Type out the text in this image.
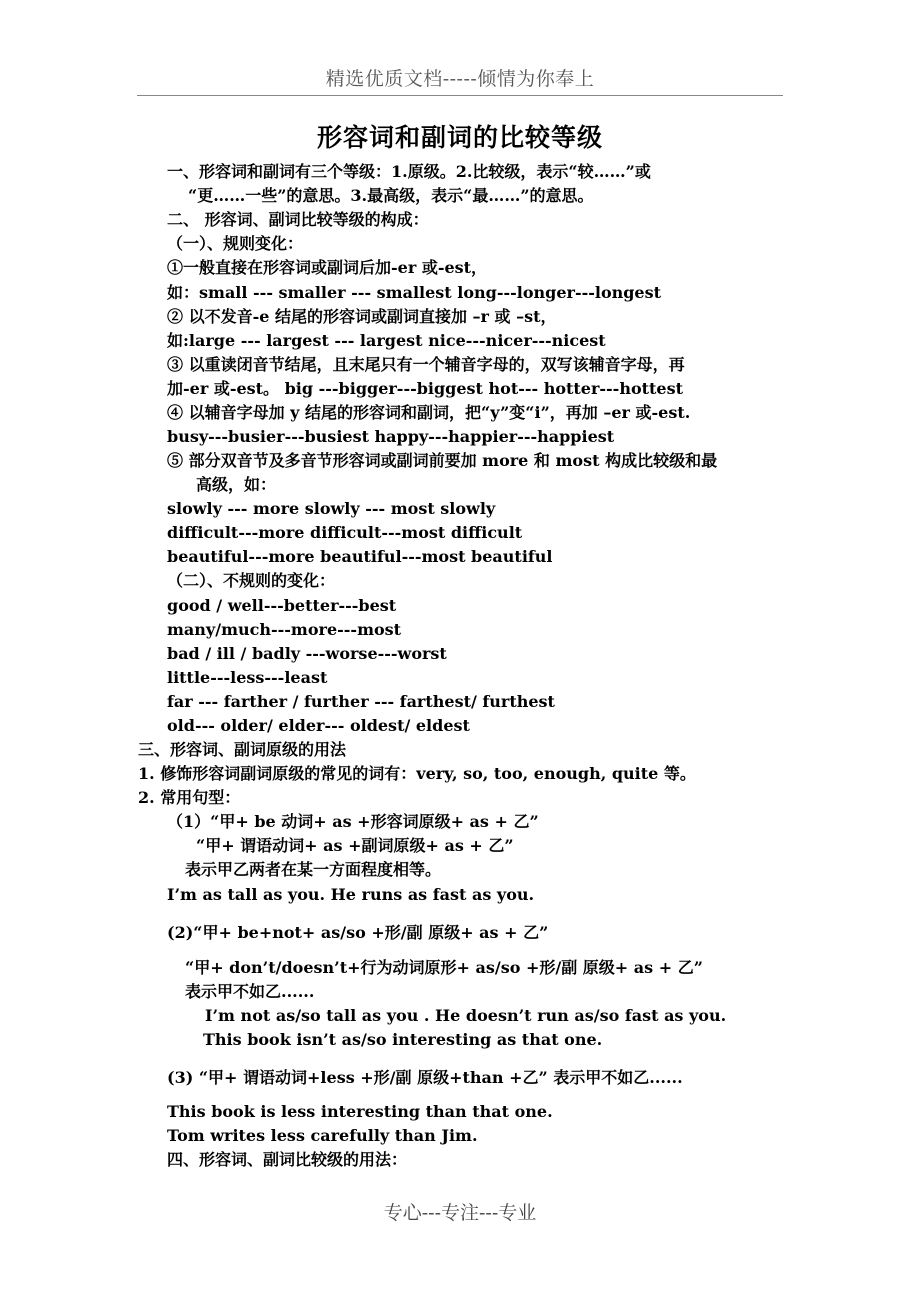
精选优质文档-----倾情为你奉上
形容词和副词的比较等级
一、形容词和副词有三个等级：1.原级。2.比较级，表示“较……”或
“更……一些”的意思。3.最高级，表示“最……”的意思。
二、 形容词、副词比较等级的构成：
（一）、规则变化：
①一般直接在形容词或副词后加-er 或-est，
如：small --- smaller --- smallest long---longer---longest
② 以不发音-e 结尾的形容词或副词直接加 –r 或 –st，
如:large --- largest --- largest nice---nicer---nicest
③ 以重读闭音节结尾，且末尾只有一个辅音字母的，双写该辅音字母，再
加-er 或-est。 big ---bigger---biggest hot--- hotter---hottest
④ 以辅音字母加 y 结尾的形容词和副词，把“y”变“i”，再加 –er 或-est.
busy---busier---busiest happy---happier---happiest
⑤ 部分双音节及多音节形容词或副词前要加 more 和 most 构成比较级和最
高级，如：
slowly --- more slowly --- most slowly
difficult---more difficult---most difficult
beautiful---more beautiful---most beautiful
（二）、不规则的变化：
good / well---better---best
many/much---more---most
bad / ill / badly ---worse---worst
little---less---least
far --- farther / further --- farthest/ furthest
old--- older/ elder--- oldest/ eldest
三、形容词、副词原级的用法
1. 修饰形容词副词原级的常见的词有：very, so, too, enough, quite 等。
2. 常用句型：
（1）“甲+ be 动词+ as +形容词原级+ as + 乙”
“甲+ 谓语动词+ as +副词原级+ as + 乙”
表示甲乙两者在某一方面程度相等。
I’m as tall as you. He runs as fast as you.
(2)“甲+ be+not+ as/so +形/副 原级+ as + 乙”
“甲+ don’t/doesn’t+行为动词原形+ as/so +形/副 原级+ as + 乙”
表示甲不如乙......
I’m not as/so tall as you . He doesn’t run as/so fast as you.
This book isn’t as/so interesting as that one.
(3) “甲+ 谓语动词+less +形/副 原级+than +乙” 表示甲不如乙......
This book is less interesting than that one.
Tom writes less carefully than Jim.
四、形容词、副词比较级的用法：
专心---专注---专业
